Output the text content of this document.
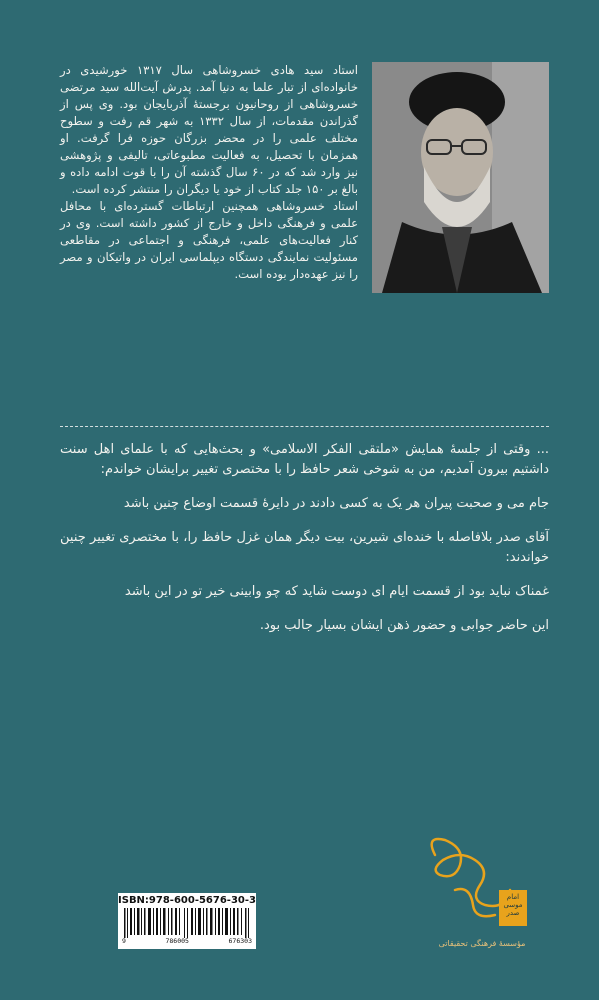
استاد سید هادی خسروشاهی سال ۱۳۱۷ خورشیدی در خانواده‌ای از تبار علما به دنیا آمد. پدرش آیت‌الله سید مرتضی خسروشاهی از روحانیون برجستهٔ آذربایجان بود. وی پس از گذراندن مقدمات، از سال ۱۳۳۲ به شهر قم رفت و سطوح مختلف علمی را در محضر بزرگان حوزه فرا گرفت. او همزمان با تحصیل، به فعالیت مطبوعاتی، تالیفی و پژوهشی نیز وارد شد که در ۶۰ سال گذشته آن را با قوت ادامه داده و بالغ بر ۱۵۰ جلد کتاب از خود یا دیگران را منتشر کرده است.

استاد خسروشاهی همچنین ارتباطات گسترده‌ای با محافل علمی و فرهنگی داخل و خارج از کشور داشته است. وی در کنار فعالیت‌های علمی، فرهنگی و اجتماعی در مقاطعی مسئولیت نمایندگی دستگاه دیپلماسی ایران در واتیکان و مصر را نیز عهده‌دار بوده است.

... وقتی از جلسهٔ همایش «ملتقی الفکر الاسلامی» و بحث‌هایی که با علمای اهل سنت داشتیم بیرون آمدیم، من به شوخی شعر حافظ را با مختصری تغییر برایشان خواندم:

جام می و صحبت پیران هر یک به کسی دادند در دایرهٔ قسمت اوضاع چنین باشد

آقای صدر بلافاصله با خنده‌ای شیرین، بیت دیگر همان غزل حافظ را، با مختصری تغییر چنین خواندند:

غمناک نباید بود از قسمت ایام ای دوست شاید که چو وابینی خیر تو در این باشد

این حاضر جوابی و حضور ذهن ایشان بسیار جالب بود.

امام موسی صدر
مؤسسهٔ فرهنگی تحقیقاتی
ISBN:978-600-5676-30-3
9	786005	676303
